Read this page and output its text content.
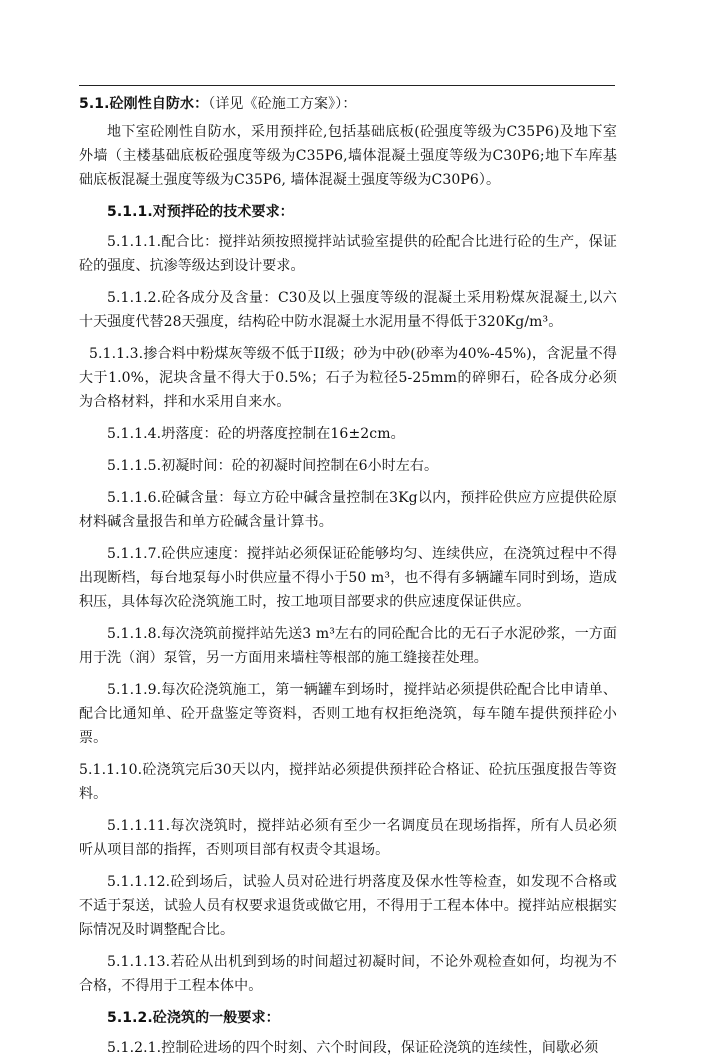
5.1.砼刚性自防水：（详见《砼施工方案》）：

地下室砼刚性自防水，采用预拌砼,包括基础底板(砼强度等级为C35P6)及地下室外墙（主楼基础底板砼强度等级为C35P6,墙体混凝土强度等级为C30P6;地下车库基础底板混凝土强度等级为C35P6, 墙体混凝土强度等级为C30P6）。

5.1.1.对预拌砼的技术要求：

5.1.1.1.配合比：搅拌站须按照搅拌站试验室提供的砼配合比进行砼的生产，保证砼的强度、抗渗等级达到设计要求。

5.1.1.2.砼各成分及含量：C30及以上强度等级的混凝土采用粉煤灰混凝土,以六十天强度代替28天强度，结构砼中防水混凝土水泥用量不得低于320Kg/m³。

5.1.1.3.掺合料中粉煤灰等级不低于II级；砂为中砂(砂率为40%-45%)，含泥量不得大于1.0%，泥块含量不得大于0.5%；石子为粒径5-25mm的碎卵石，砼各成分必须为合格材料，拌和水采用自来水。

5.1.1.4.坍落度：砼的坍落度控制在16±2cm。

5.1.1.5.初凝时间：砼的初凝时间控制在6小时左右。

5.1.1.6.砼碱含量：每立方砼中碱含量控制在3Kg以内，预拌砼供应方应提供砼原材料碱含量报告和单方砼碱含量计算书。

5.1.1.7.砼供应速度：搅拌站必须保证砼能够均匀、连续供应，在浇筑过程中不得出现断档，每台地泵每小时供应量不得小于50 m³，也不得有多辆罐车同时到场，造成积压，具体每次砼浇筑施工时，按工地项目部要求的供应速度保证供应。

5.1.1.8.每次浇筑前搅拌站先送3 m³左右的同砼配合比的无石子水泥砂浆，一方面用于洗（润）泵管，另一方面用来墙柱等根部的施工缝接茬处理。

5.1.1.9.每次砼浇筑施工，第一辆罐车到场时，搅拌站必须提供砼配合比申请单、配合比通知单、砼开盘鉴定等资料，否则工地有权拒绝浇筑，每车随车提供预拌砼小票。

5.1.1.10.砼浇筑完后30天以内，搅拌站必须提供预拌砼合格证、砼抗压强度报告等资料。

5.1.1.11.每次浇筑时，搅拌站必须有至少一名调度员在现场指挥，所有人员必须听从项目部的指挥，否则项目部有权责令其退场。

5.1.1.12.砼到场后，试验人员对砼进行坍落度及保水性等检查，如发现不合格或不适于泵送，试验人员有权要求退货或做它用，不得用于工程本体中。搅拌站应根据实际情况及时调整配合比。

5.1.1.13.若砼从出机到到场的时间超过初凝时间，不论外观检查如何，均视为不合格，不得用于工程本体中。

5.1.2.砼浇筑的一般要求：

5.1.2.1.控制砼进场的四个时刻、六个时间段，保证砼浇筑的连续性，间歇必须
